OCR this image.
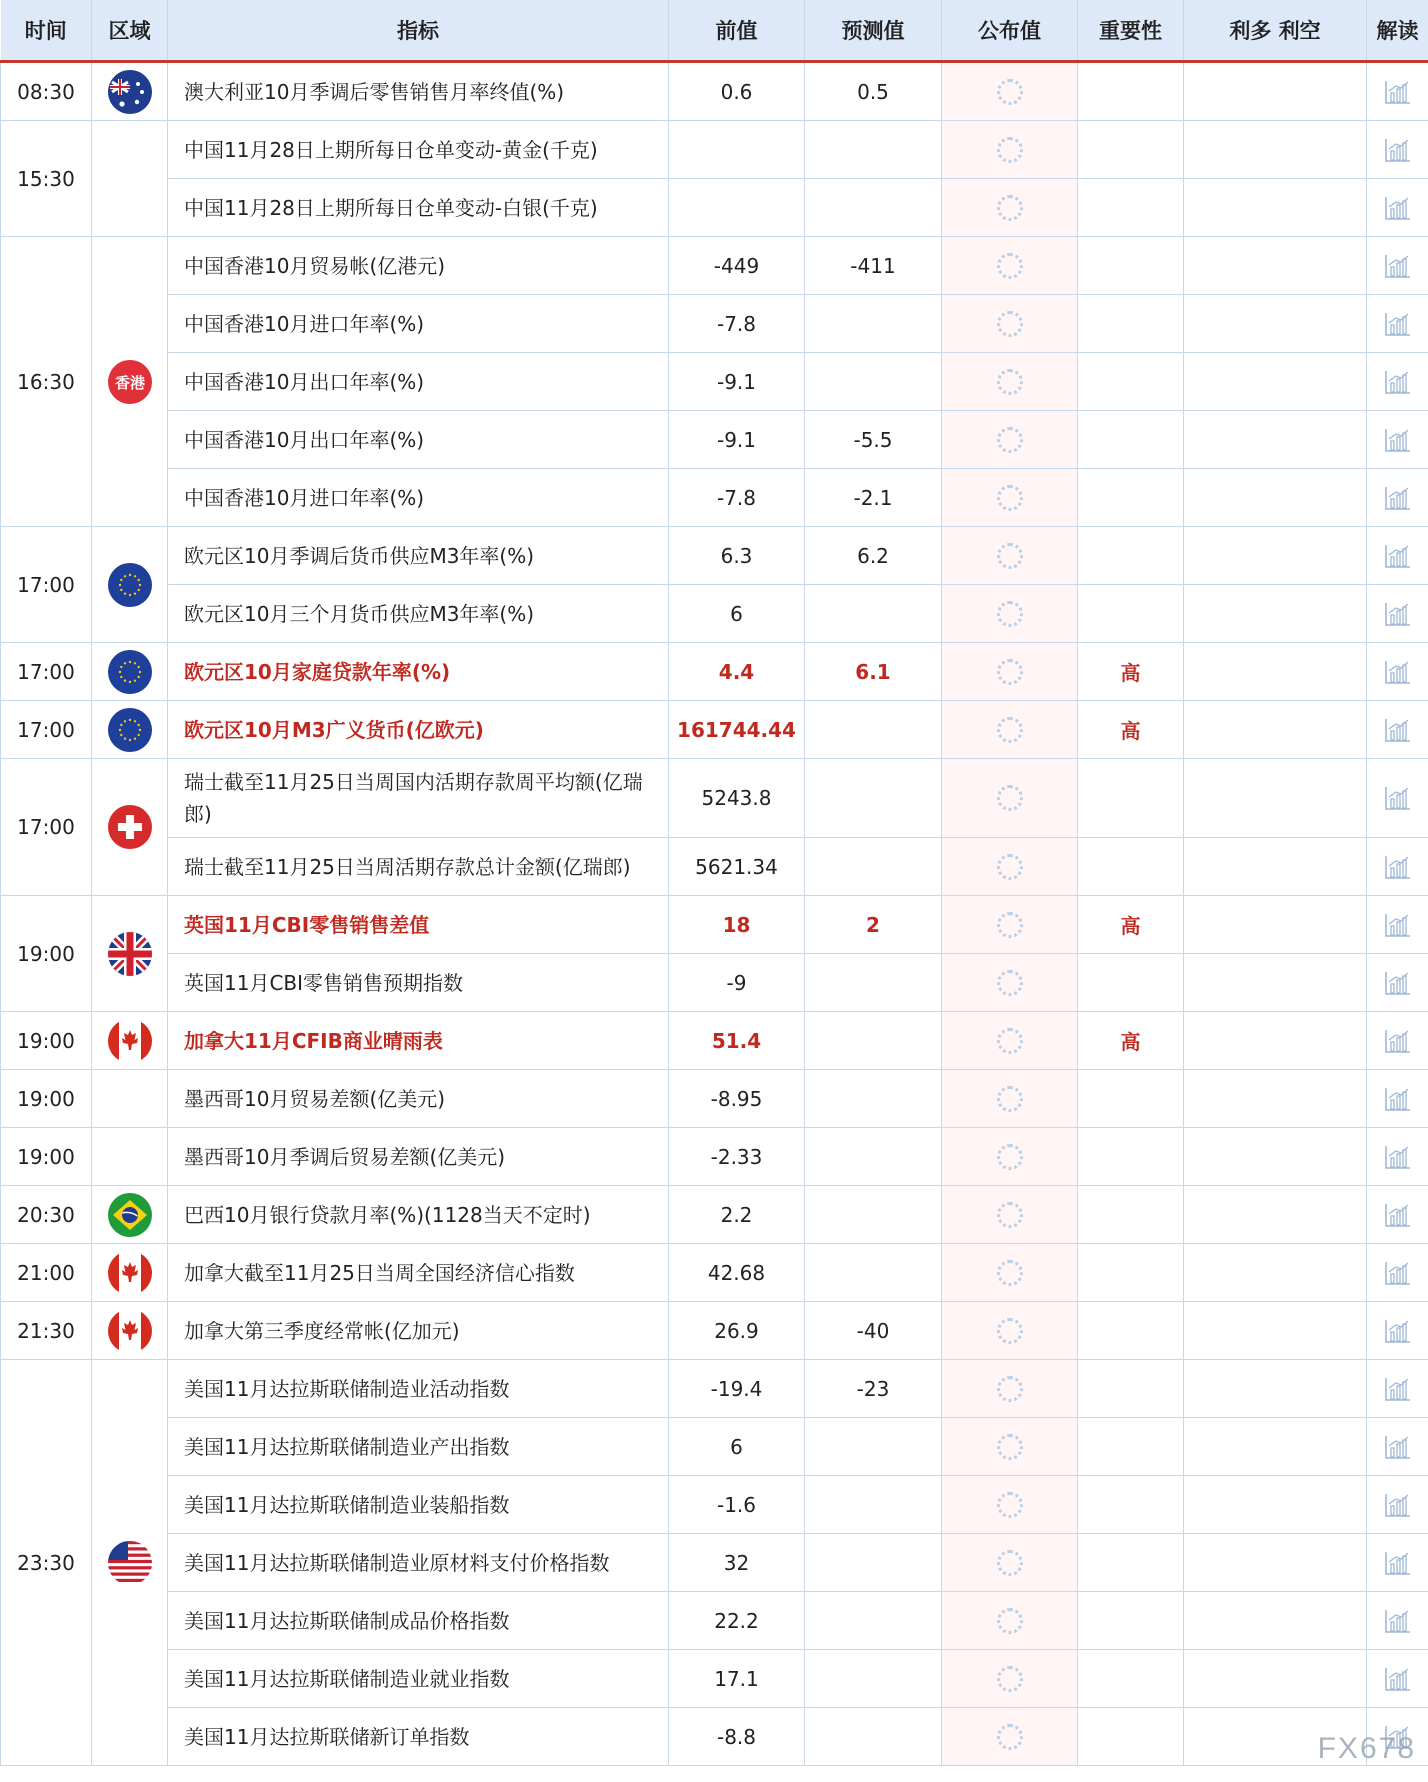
时间	区域	指标	前值	预测值	公布值	重要性	利多 利空	解读
08:30		澳大利亚10月季调后零售销售月率终值(%)	0.6	0.5				
15:30		中国11月28日上期所每日仓单变动-黄金(千克)						
		中国11月28日上期所每日仓单变动-白银(千克)						
16:30	香港	中国香港10月贸易帐(亿港元)	-449	-411				
		中国香港10月进口年率(%)	-7.8					
		中国香港10月出口年率(%)	-9.1					
		中国香港10月出口年率(%)	-9.1	-5.5				
		中国香港10月进口年率(%)	-7.8	-2.1				
17:00		欧元区10月季调后货币供应M3年率(%)	6.3	6.2				
		欧元区10月三个月货币供应M3年率(%)	6					
17:00		欧元区10月家庭贷款年率(%)	4.4	6.1		高		
17:00		欧元区10月M3广义货币(亿欧元)	161744.44			高		
17:00		瑞士截至11月25日当周国内活期存款周平均额(亿瑞郎)	5243.8					
		瑞士截至11月25日当周活期存款总计金额(亿瑞郎)	5621.34					
19:00		英国11月CBI零售销售差值	18	2		高		
		英国11月CBI零售销售预期指数	-9					
19:00		加拿大11月CFIB商业晴雨表	51.4			高		
19:00		墨西哥10月贸易差额(亿美元)	-8.95					
19:00		墨西哥10月季调后贸易差额(亿美元)	-2.33					
20:30		巴西10月银行贷款月率(%)(1128当天不定时)	2.2					
21:00		加拿大截至11月25日当周全国经济信心指数	42.68					
21:30		加拿大第三季度经常帐(亿加元)	26.9	-40				
23:30		美国11月达拉斯联储制造业活动指数	-19.4	-23				
		美国11月达拉斯联储制造业产出指数	6					
		美国11月达拉斯联储制造业装船指数	-1.6					
		美国11月达拉斯联储制造业原材料支付价格指数	32					
		美国11月达拉斯联储制成品价格指数	22.2					
		美国11月达拉斯联储制造业就业指数	17.1					
		美国11月达拉斯联储新订单指数	-8.8						FX678
